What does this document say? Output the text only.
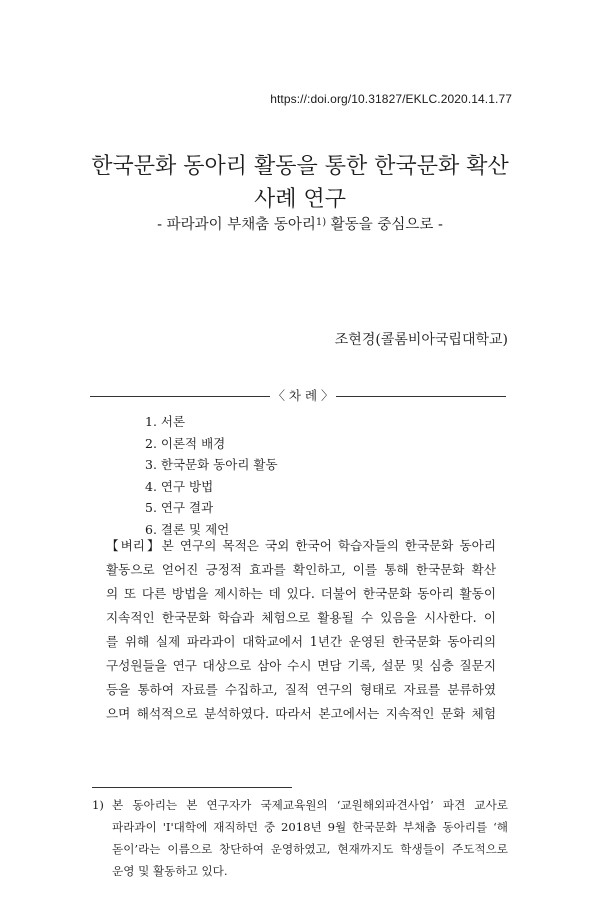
https://:doi.org/10.31827/EKLC.2020.14.1.77
한국문화 동아리 활동을 통한 한국문화 확산
사례 연구

- 파라과이 부채춤 동아리$^{1)}$ 활동을 중심으로 -

조현경(콜롬비아국립대학교)
〈 차 례 〉
1. 서론
2. 이론적 배경
3. 한국문화 동아리 활동
4. 연구 방법
5. 연구 결과
6. 결론 및 제언
【벼리】본 연구의 목적은 국외 한국어 학습자들의 한국문화 동아리
활동으로 얻어진 긍정적 효과를 확인하고, 이를 통해 한국문화 확산
의 또 다른 방법을 제시하는 데 있다. 더불어 한국문화 동아리 활동이
지속적인 한국문화 학습과 체험으로 활용될 수 있음을 시사한다. 이
를 위해 실제 파라과이 대학교에서 1년간 운영된 한국문화 동아리의
구성원들을 연구 대상으로 삼아 수시 면담 기록, 설문 및 심층 질문지
등을 통하여 자료를 수집하고, 질적 연구의 형태로 자료를 분류하였
으며 해석적으로 분석하였다. 따라서 본고에서는 지속적인 문화 체험
1) 본 동아리는 본 연구자가 국제교육원의 ‘교원해외파견사업’ 파견 교사로
파라과이 'I'대학에 재직하던 중 2018년 9월 한국문화 부채춤 동아리를 ‘해
돋이’라는 이름으로 창단하여 운영하였고, 현재까지도 학생들이 주도적으로
운영 및 활동하고 있다.
